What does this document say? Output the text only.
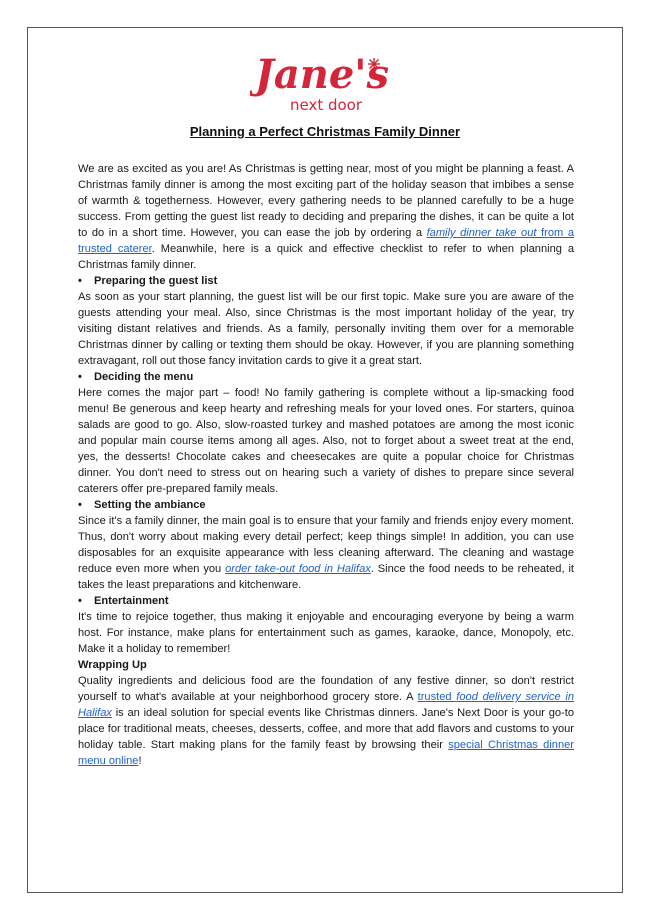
Jane's
next door
Planning a Perfect Christmas Family Dinner

We are as excited as you are! As Christmas is getting near, most of you might be planning a feast. A Christmas family dinner is among the most exciting part of the holiday season that imbibes a sense of warmth & togetherness. However, every gathering needs to be planned carefully to be a huge success. From getting the guest list ready to deciding and preparing the dishes, it can be quite a lot to do in a short time. However, you can ease the job by ordering a family dinner take out from a trusted caterer. Meanwhile, here is a quick and effective checklist to refer to when planning a Christmas family dinner.

•	Preparing the guest list

As soon as your start planning, the guest list will be our first topic. Make sure you are aware of the guests attending your meal. Also, since Christmas is the most important holiday of the year, try visiting distant relatives and friends. As a family, personally inviting them over for a memorable Christmas dinner by calling or texting them should be okay. However, if you are planning something extravagant, roll out those fancy invitation cards to give it a great start.

•	Deciding the menu

Here comes the major part – food! No family gathering is complete without a lip-smacking food menu! Be generous and keep hearty and refreshing meals for your loved ones. For starters, quinoa salads are good to go. Also, slow-roasted turkey and mashed potatoes are among the most iconic and popular main course items among all ages. Also, not to forget about a sweet treat at the end, yes, the desserts! Chocolate cakes and cheesecakes are quite a popular choice for Christmas dinner. You don't need to stress out on hearing such a variety of dishes to prepare since several caterers offer pre-prepared family meals.

•	Setting the ambiance

Since it's a family dinner, the main goal is to ensure that your family and friends enjoy every moment. Thus, don't worry about making every detail perfect; keep things simple! In addition, you can use disposables for an exquisite appearance with less cleaning afterward. The cleaning and wastage reduce even more when you order take-out food in Halifax. Since the food needs to be reheated, it takes the least preparations and kitchenware.

•	Entertainment

It's time to rejoice together, thus making it enjoyable and encouraging everyone by being a warm host. For instance, make plans for entertainment such as games, karaoke, dance, Monopoly, etc. Make it a holiday to remember!

Wrapping Up

Quality ingredients and delicious food are the foundation of any festive dinner, so don't restrict yourself to what's available at your neighborhood grocery store. A trusted food delivery service in Halifax is an ideal solution for special events like Christmas dinners. Jane's Next Door is your go-to place for traditional meats, cheeses, desserts, coffee, and more that add flavors and customs to your holiday table. Start making plans for the family feast by browsing their special Christmas dinner menu online!
